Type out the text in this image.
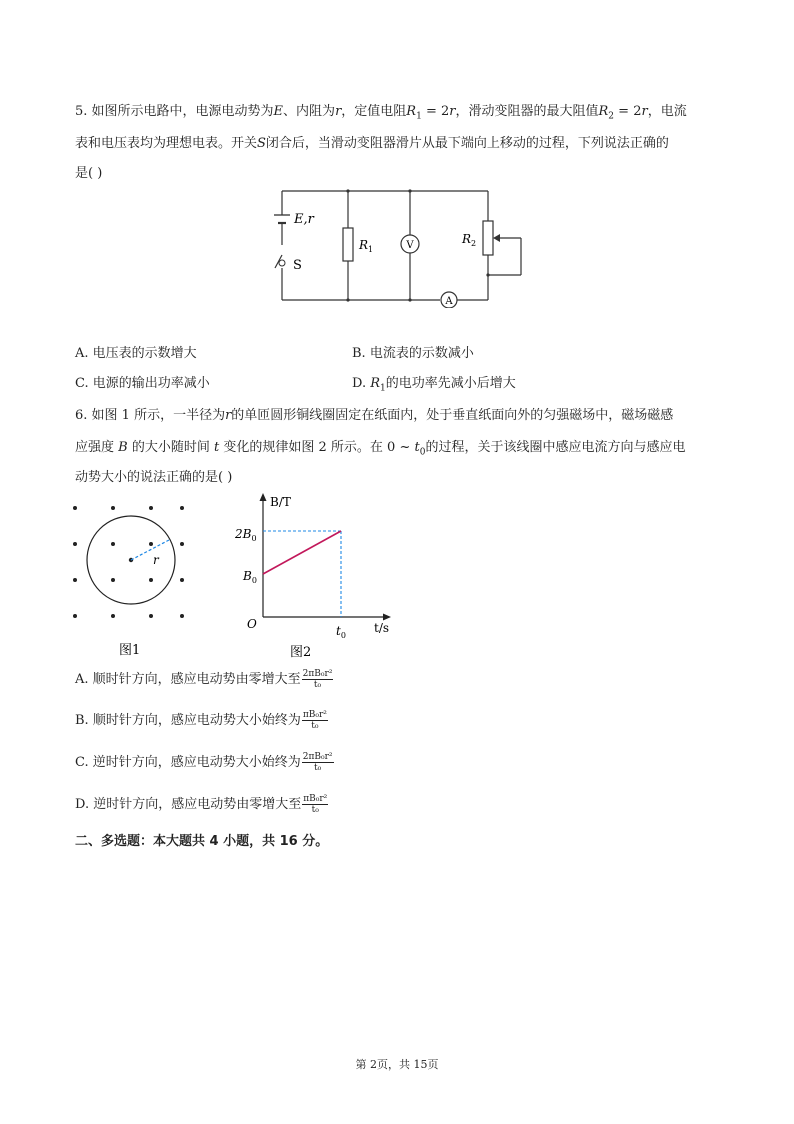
5. 如图所示电路中，电源电动势为E、内阻为r，定值电阻$R_1 = 2r$，滑动变阻器的最大阻值$R_2 = 2r$，电流
表和电压表均为理想电表。开关S闭合后，当滑动变阻器滑片从最下端向上移动的过程，下列说法正确的
是( )
E,r
S
$R_1$	V	$R_2$
A
A. 电压表的示数增大	B. 电流表的示数减小
C. 电源的输出功率减小	D. $R_1$的电功率先减小后增大
6. 如图 1 所示，一半径为r的单匝圆形铜线圈固定在纸面内，处于垂直纸面向外的匀强磁场中，磁场磁感
应强度 B 的大小随时间 t 变化的规律如图 2 所示。在 0 ~ $t_0$的过程，关于该线圈中感应电流方向与感应电
动势大小的说法正确的是( )
r
图1
B/T
t/s
O
$2B_0$
$B_0$
$t_0$
图2
A. 顺时针方向，感应电动势由零增大至 $\frac{\text{2πB₀r²}}{\text{t₀}}$
B. 顺时针方向，感应电动势大小始终为 $\frac{\text{πB₀r²}}{\text{t₀}}$
C. 逆时针方向，感应电动势大小始终为 $\frac{\text{2πB₀r²}}{\text{t₀}}$
D. 逆时针方向，感应电动势由零增大至 $\frac{\text{πB₀r²}}{\text{t₀}}$
二、多选题：本大题共 4 小题，共 16 分。
第 2页，共 15页
